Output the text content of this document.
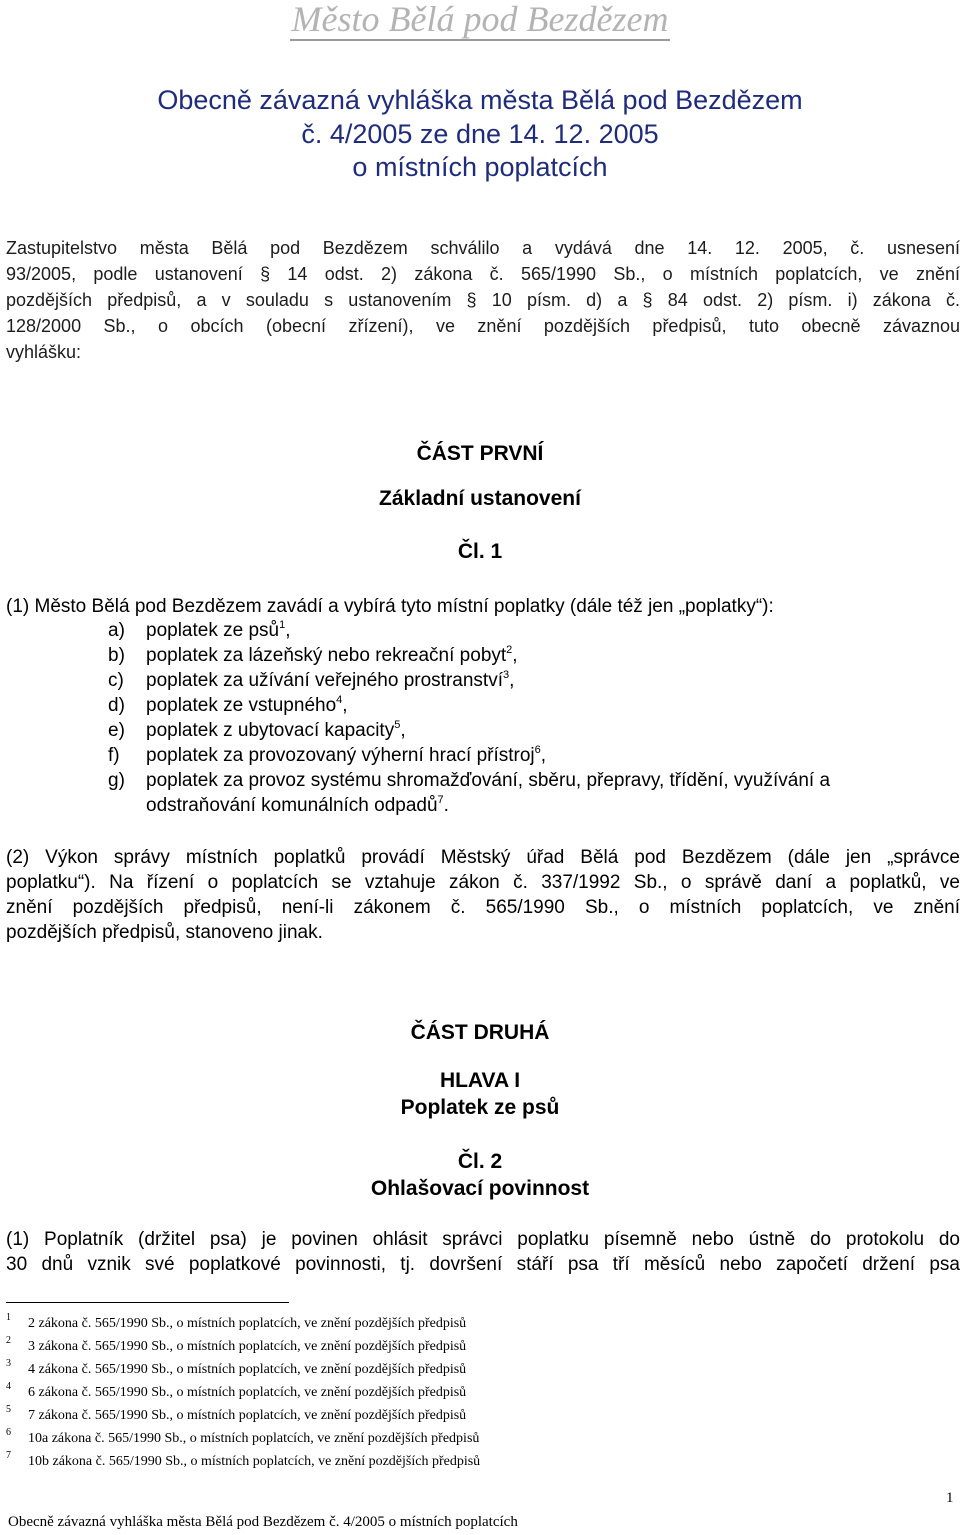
Město Bělá pod Bezdězem
Obecně závazná vyhláška města Bělá pod Bezdězem
č. 4/2005 ze dne 14. 12. 2005
o místních poplatcích
Zastupitelstvo města Bělá pod Bezdězem schválilo a vydává dne 14. 12. 2005, č. usnesení
93/2005, podle ustanovení § 14 odst. 2) zákona č. 565/1990 Sb., o místních poplatcích, ve znění
pozdějších předpisů, a v souladu s ustanovením § 10 písm. d) a § 84 odst. 2) písm. i) zákona č.
128/2000 Sb., o obcích (obecní zřízení), ve znění pozdějších předpisů, tuto obecně závaznou
vyhlášku:
ČÁST PRVNÍ
Základní ustanovení
Čl. 1
(1) Město Bělá pod Bezdězem zavádí a vybírá tyto místní poplatky (dále též jen „poplatky“):
a) poplatek ze psů$^1$,
b) poplatek za lázeňský nebo rekreační pobyt$^2$,
c) poplatek za užívání veřejného prostranství$^3$,
d) poplatek ze vstupného$^4$,
e) poplatek z ubytovací kapacity$^5$,
f) poplatek za provozovaný výherní hrací přístroj$^6$,
g) poplatek za provoz systému shromažďování, sběru, přepravy, třídění, využívání a
odstraňování komunálních odpadů$^7$.
(2) Výkon správy místních poplatků provádí Městský úřad Bělá pod Bezdězem (dále jen „správce
poplatku“). Na řízení o poplatcích se vztahuje zákon č. 337/1992 Sb., o správě daní a poplatků, ve
znění pozdějších předpisů, není-li zákonem č. 565/1990 Sb., o místních poplatcích, ve znění
pozdějších předpisů, stanoveno jinak.
ČÁST DRUHÁ
HLAVA I
Poplatek ze psů
Čl. 2
Ohlašovací povinnost
(1) Poplatník (držitel psa) je povinen ohlásit správci poplatku písemně nebo ústně do protokolu do
30 dnů vznik své poplatkové povinnosti, tj. dovršení stáří psa tří měsíců nebo započetí držení psa
1 2 zákona č. 565/1990 Sb., o místních poplatcích, ve znění pozdějších předpisů
2 3 zákona č. 565/1990 Sb., o místních poplatcích, ve znění pozdějších předpisů
3 4 zákona č. 565/1990 Sb., o místních poplatcích, ve znění pozdějších předpisů
4 6 zákona č. 565/1990 Sb., o místních poplatcích, ve znění pozdějších předpisů
5 7 zákona č. 565/1990 Sb., o místních poplatcích, ve znění pozdějších předpisů
6 10a zákona č. 565/1990 Sb., o místních poplatcích, ve znění pozdějších předpisů
7 10b zákona č. 565/1990 Sb., o místních poplatcích, ve znění pozdějších předpisů
1
Obecně závazná vyhláška města Bělá pod Bezdězem č. 4/2005 o místních poplatcích
